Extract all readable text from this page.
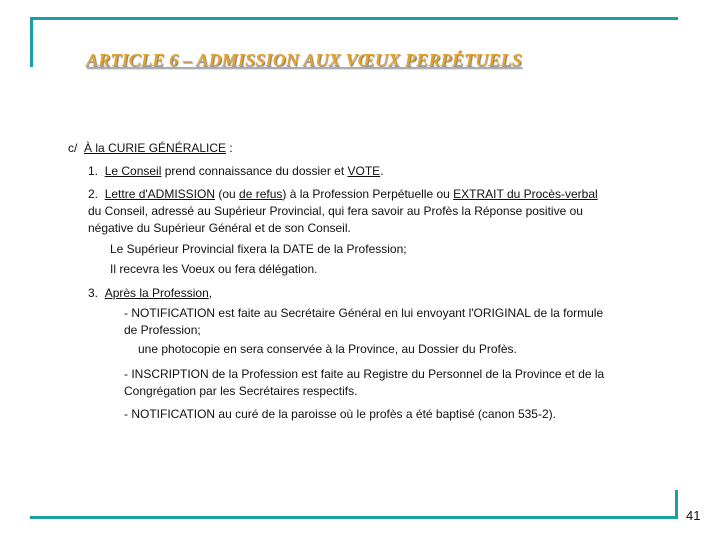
ARTICLE 6 – ADMISSION AUX VŒUX PERPÉTUELS
c/ À la CURIE GÉNÉRALICE :
1. Le Conseil prend connaissance du dossier et VOTE.
2. Lettre d'ADMISSION (ou de refus) à la Profession Perpétuelle ou EXTRAIT du Procès-verbal
du Conseil, adressé au Supérieur Provincial, qui fera savoir au Profès la Réponse positive ou
négative du Supérieur Général et de son Conseil.
Le Supérieur Provincial fixera la DATE de la Profession;
Il recevra les Voeux ou fera délégation.
3. Après la Profession,
- NOTIFICATION est faite au Secrétaire Général en lui envoyant l'ORIGINAL de la formule
de Profession;
une photocopie en sera conservée à la Province, au Dossier du Profès.
- INSCRIPTION de la Profession est faite au Registre du Personnel de la Province et de la
Congrégation par les Secrétaires respectifs.
- NOTIFICATION au curé de la paroisse où le profès a été baptisé (canon 535-2).
41
